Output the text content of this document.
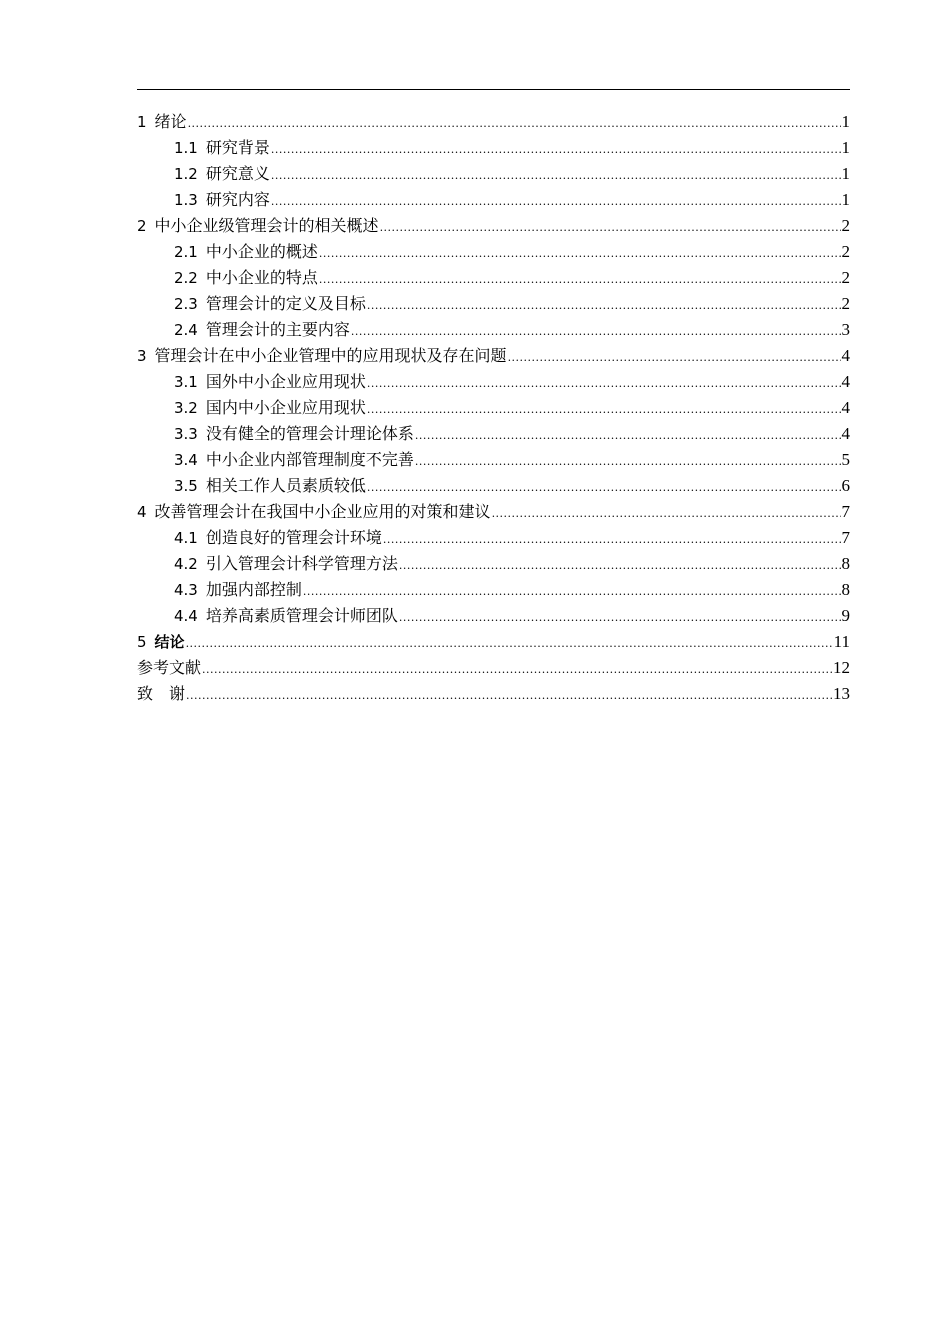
1 绪论 .....	1
1.1 研究背景 .....	1
1.2 研究意义 .....	1
1.3 研究内容 .....	1
2 中小企业级管理会计的相关概述 .....	2
2.1 中小企业的概述 .....	2
2.2 中小企业的特点 .....	2
2.3 管理会计的定义及目标 .....	2
2.4 管理会计的主要内容 .....	3
3 管理会计在中小企业管理中的应用现状及存在问题 .....	4
3.1 国外中小企业应用现状 .....	4
3.2 国内中小企业应用现状 .....	4
3.3 没有健全的管理会计理论体系 .....	4
3.4 中小企业内部管理制度不完善 .....	5
3.5 相关工作人员素质较低 .....	6
4 改善管理会计在我国中小企业应用的对策和建议 .....	7
4.1 创造良好的管理会计环境 .....	7
4.2 引入管理会计科学管理方法 .....	8
4.3 加强内部控制 .....	8
4.4 培养高素质管理会计师团队 .....	9
5 结论 .....	11
参考文献 .....	12
致　谢 .....	13
